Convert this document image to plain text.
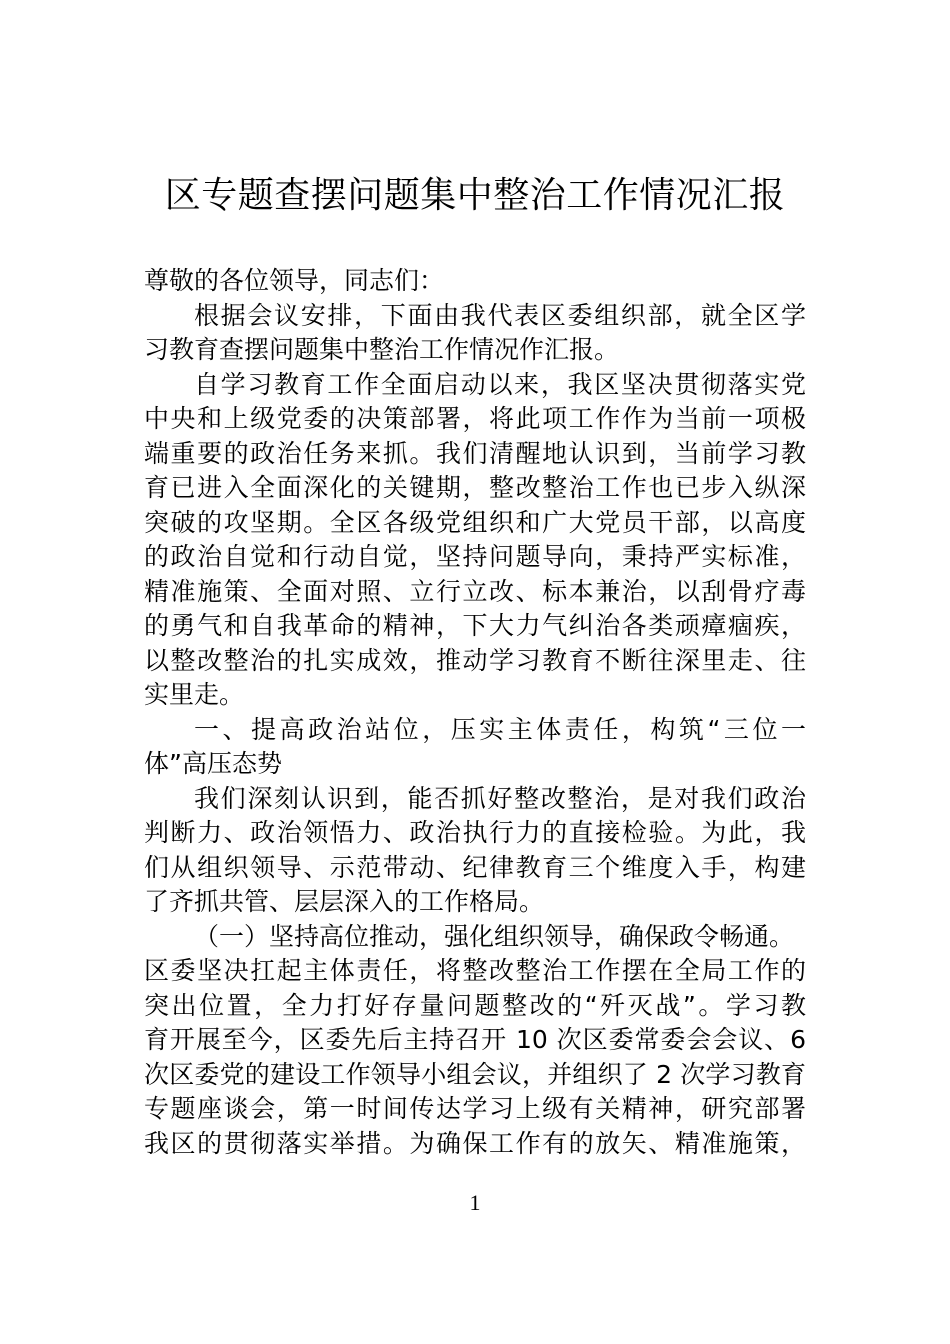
区专题查摆问题集中整治工作情况汇报
尊敬的各位领导，同志们：
根据会议安排，下面由我代表区委组织部，就全区学
习教育查摆问题集中整治工作情况作汇报。
自学习教育工作全面启动以来，我区坚决贯彻落实党
中央和上级党委的决策部署，将此项工作作为当前一项极
端重要的政治任务来抓。我们清醒地认识到，当前学习教
育已进入全面深化的关键期，整改整治工作也已步入纵深
突破的攻坚期。全区各级党组织和广大党员干部，以高度
的政治自觉和行动自觉，坚持问题导向，秉持严实标准，
精准施策、全面对照、立行立改、标本兼治，以刮骨疗毒
的勇气和自我革命的精神，下大力气纠治各类顽瘴痼疾，
以整改整治的扎实成效，推动学习教育不断往深里走、往
实里走。
一、提高政治站位，压实主体责任，构筑“三位一
体”高压态势
我们深刻认识到，能否抓好整改整治，是对我们政治
判断力、政治领悟力、政治执行力的直接检验。为此，我
们从组织领导、示范带动、纪律教育三个维度入手，构建
了齐抓共管、层层深入的工作格局。
（一）坚持高位推动，强化组织领导，确保政令畅通。
区委坚决扛起主体责任，将整改整治工作摆在全局工作的
突出位置，全力打好存量问题整改的“歼灭战”。学习教
育开展至今，区委先后主持召开 10 次区委常委会会议、6
次区委党的建设工作领导小组会议，并组织了 2 次学习教育
专题座谈会，第一时间传达学习上级有关精神，研究部署
我区的贯彻落实举措。为确保工作有的放矢、精准施策，
1
